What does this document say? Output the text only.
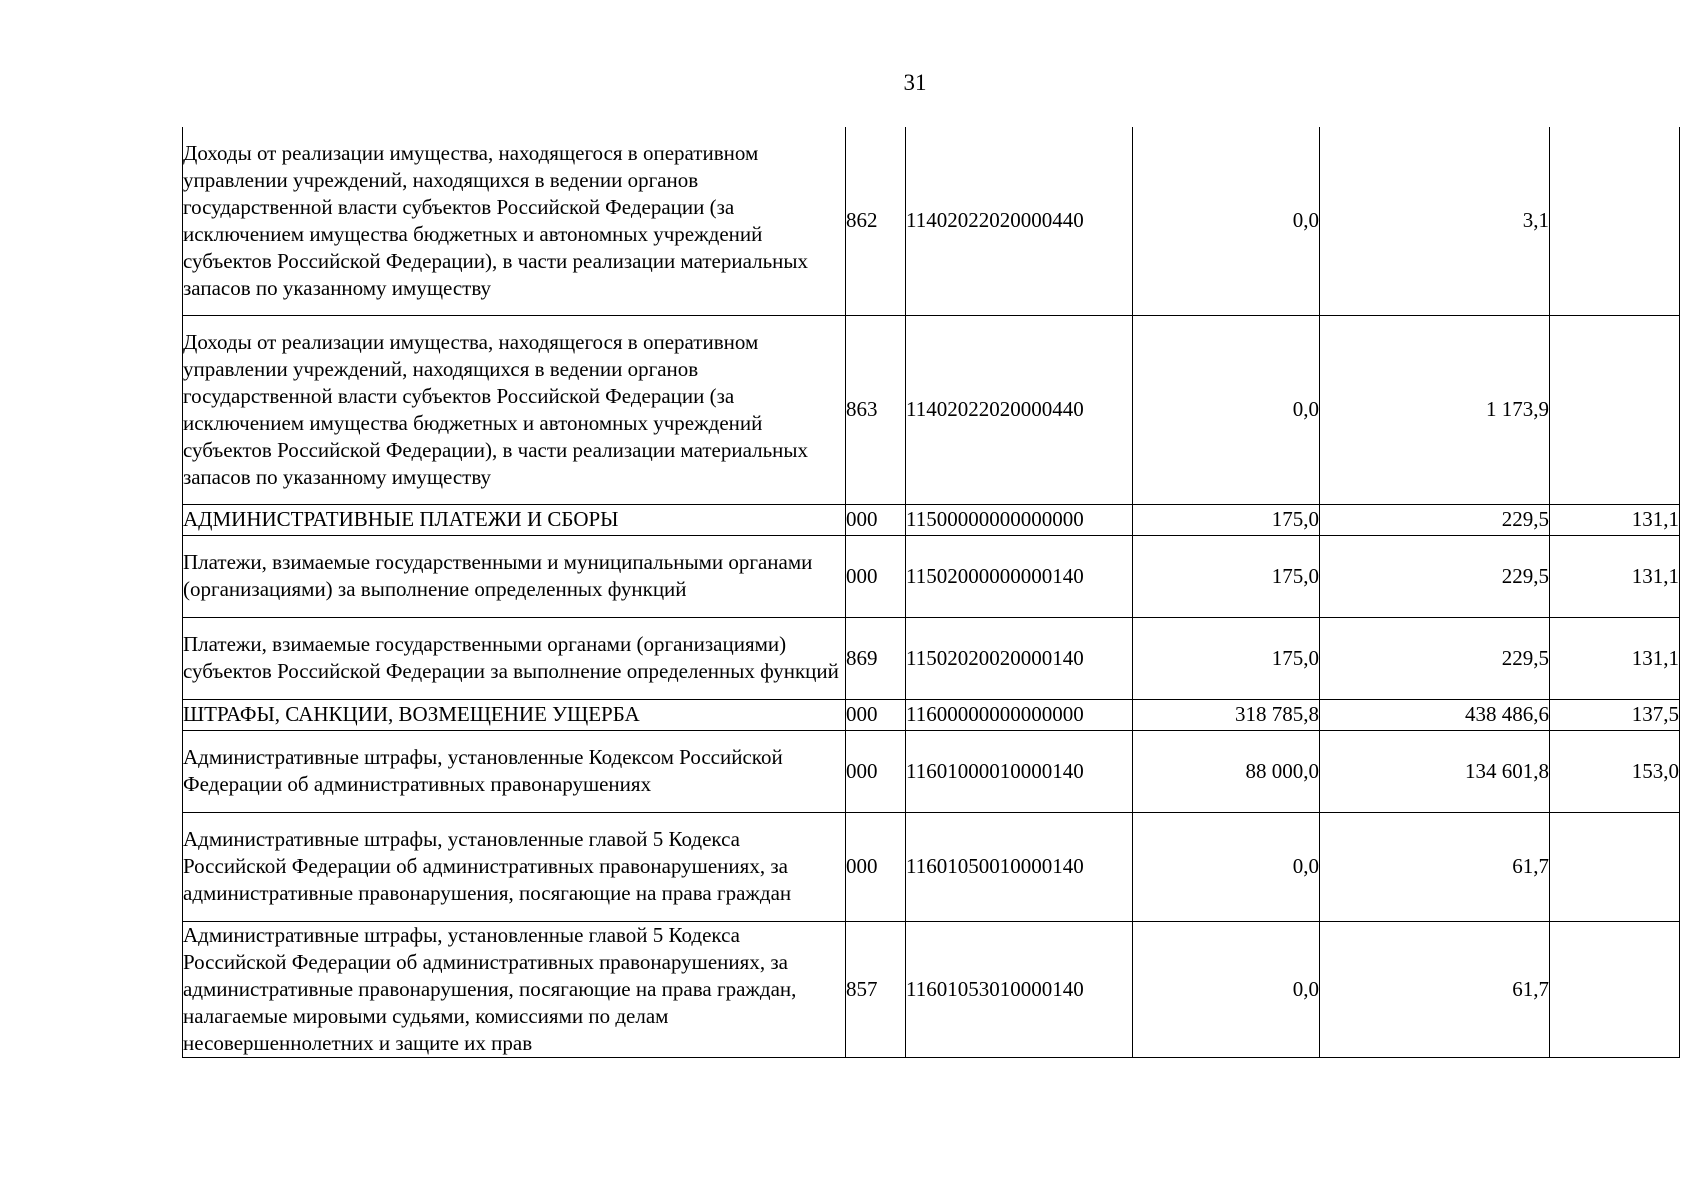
31
Доходы от реализации имущества, находящегося в оперативном управлении учреждений, находящихся в ведении органов государственной власти субъектов Российской Федерации (за исключением имущества бюджетных и автономных учреждений субъектов Российской Федерации), в части реализации материальных запасов по указанному имуществу	862	11402022020000440	0,0	3,1	
Доходы от реализации имущества, находящегося в оперативном управлении учреждений, находящихся в ведении органов государственной власти субъектов Российской Федерации (за исключением имущества бюджетных и автономных учреждений субъектов Российской Федерации), в части реализации материальных запасов по указанному имуществу	863	11402022020000440	0,0	1 173,9	
АДМИНИСТРАТИВНЫЕ ПЛАТЕЖИ И СБОРЫ	000	11500000000000000	175,0	229,5	131,1
Платежи, взимаемые государственными и муниципальными органами (организациями) за выполнение определенных функций	000	11502000000000140	175,0	229,5	131,1
Платежи, взимаемые государственными органами (организациями) субъектов Российской Федерации за выполнение определенных функций	869	11502020020000140	175,0	229,5	131,1
ШТРАФЫ, САНКЦИИ, ВОЗМЕЩЕНИЕ УЩЕРБА	000	11600000000000000	318 785,8	438 486,6	137,5
Административные штрафы, установленные Кодексом Российской Федерации об административных правонарушениях	000	11601000010000140	88 000,0	134 601,8	153,0
Административные штрафы, установленные главой 5 Кодекса Российской Федерации об административных правонарушениях, за административные правонарушения, посягающие на права граждан	000	11601050010000140	0,0	61,7	
Административные штрафы, установленные главой 5 Кодекса Российской Федерации об административных правонарушениях, за административные правонарушения, посягающие на права граждан, налагаемые мировыми судьями, комиссиями по делам несовершеннолетних и защите их прав	857	11601053010000140	0,0	61,7	
